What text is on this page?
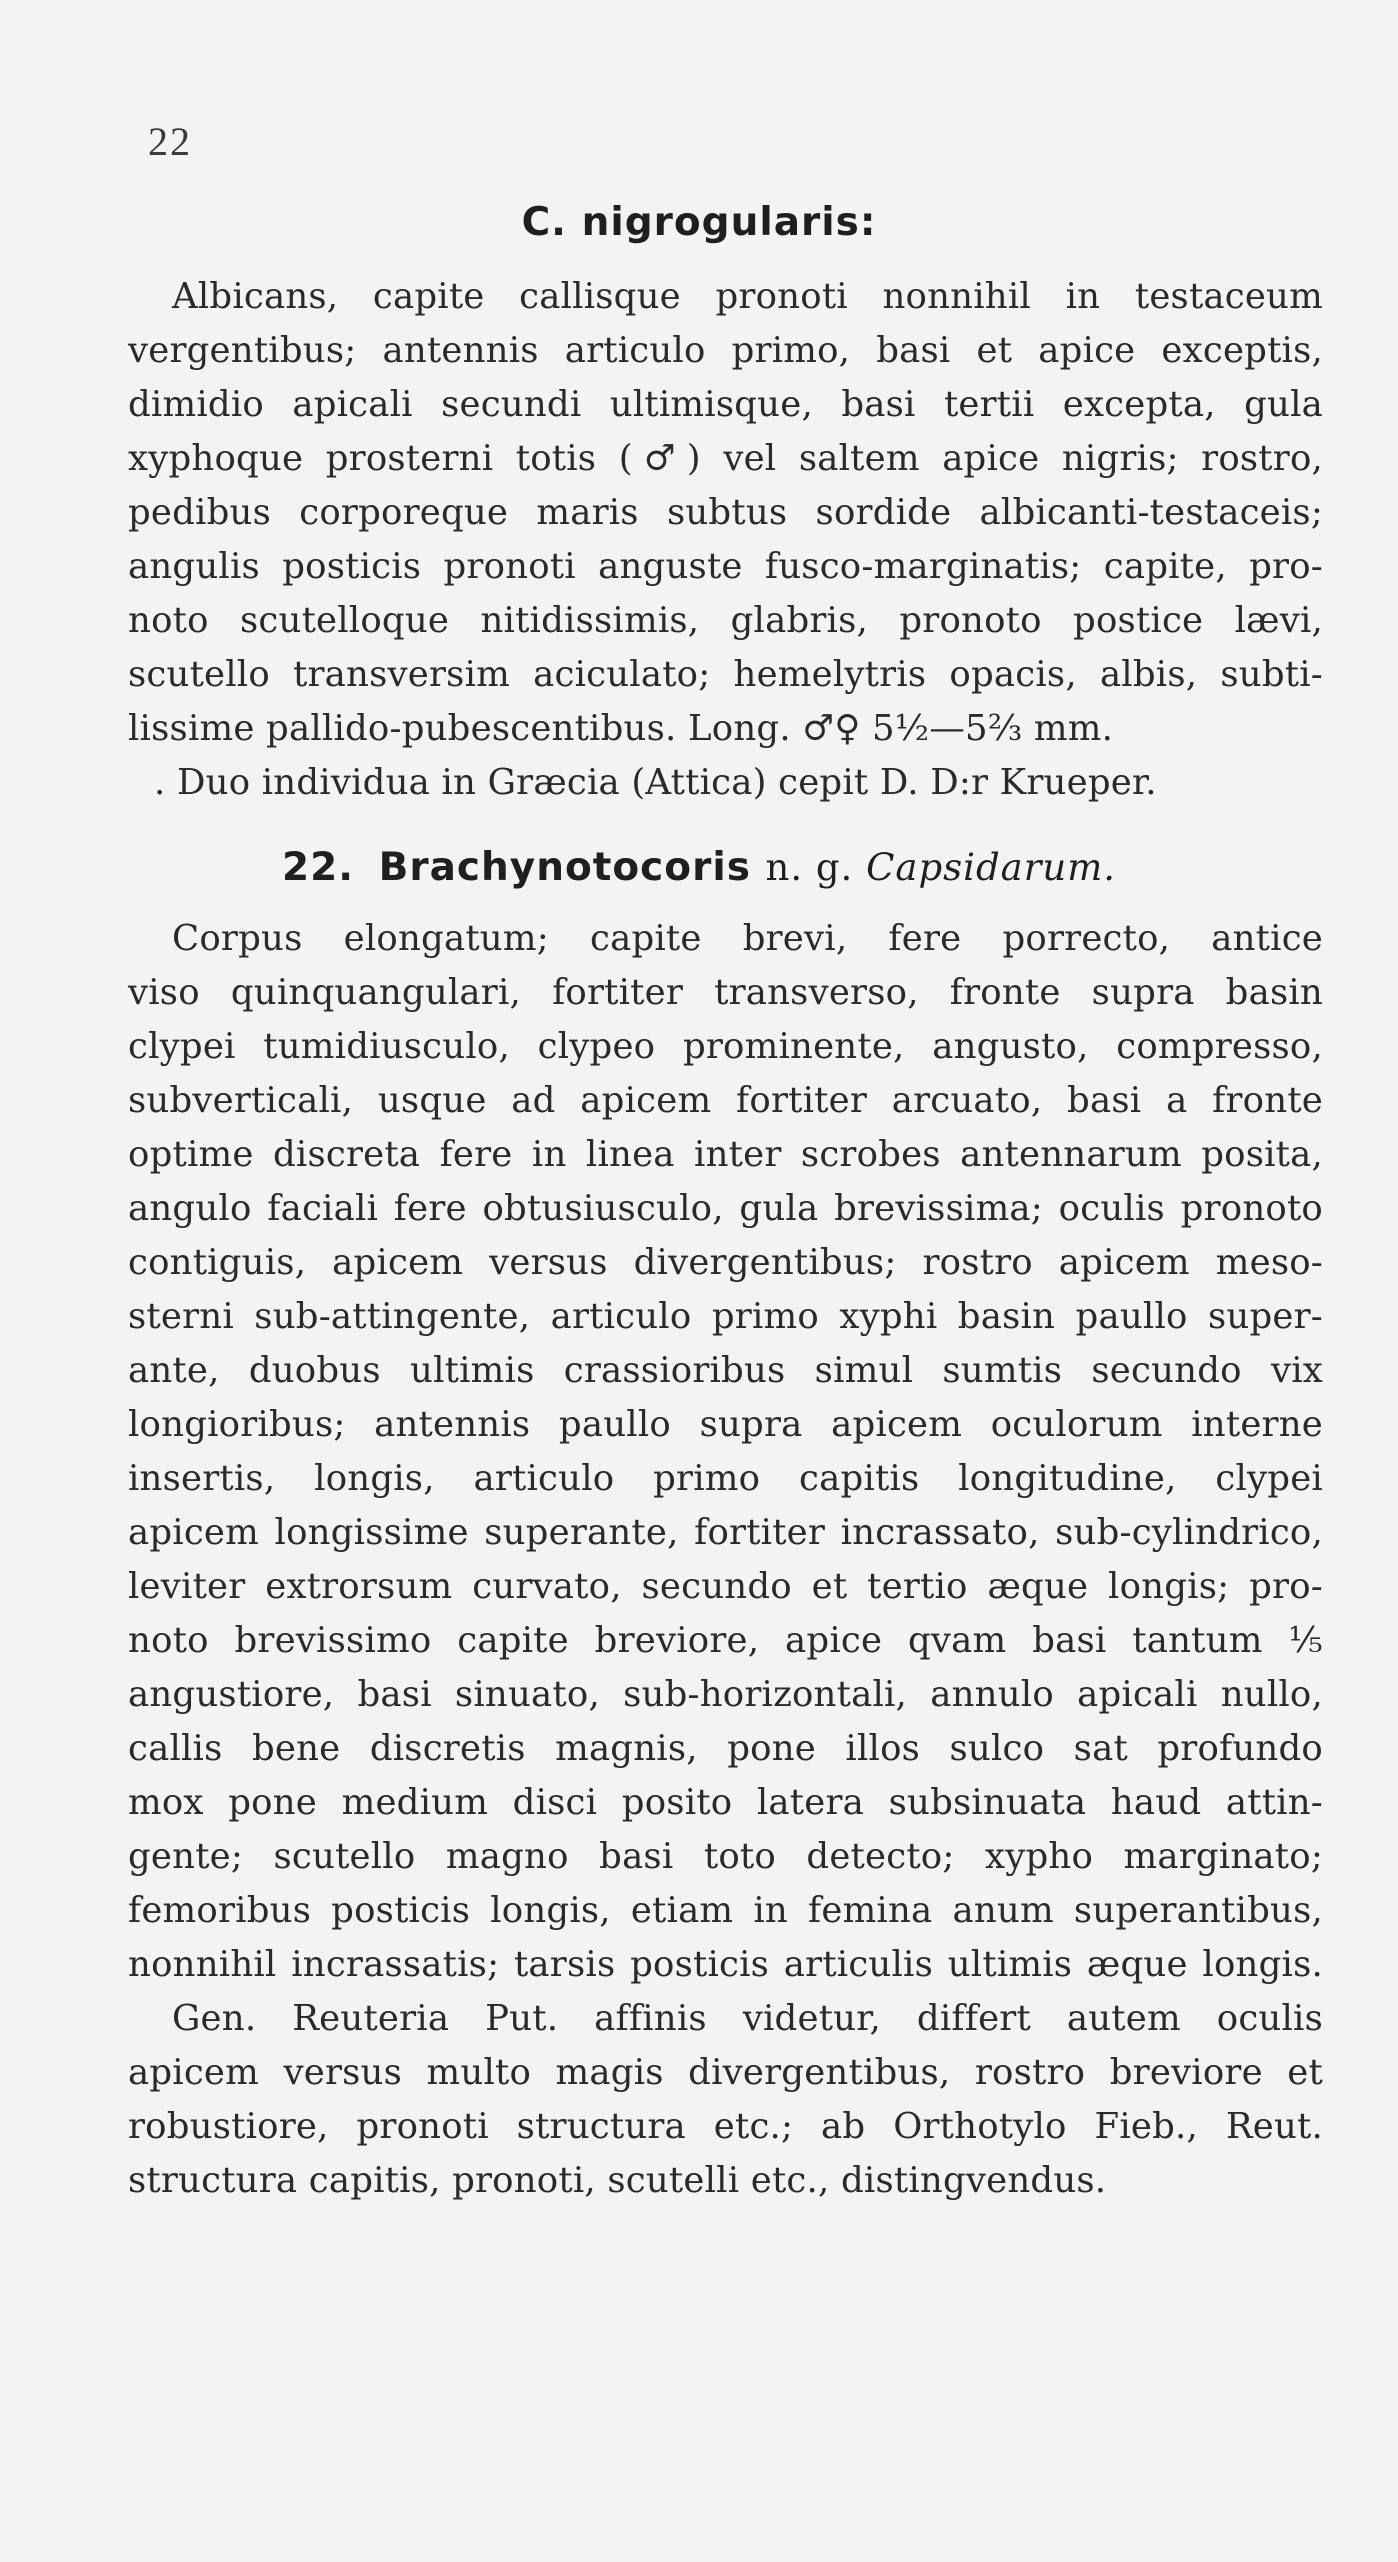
22
C. nigrogularis:
Albicans, capite callisque pronoti nonnihil in testaceum
vergentibus; antennis articulo primo, basi et apice exceptis,
dimidio apicali secundi ultimisque, basi tertii excepta, gula
xyphoque prosterni totis (♂) vel saltem apice nigris; rostro,
pedibus corporeque maris subtus sordide albicanti-testaceis;
angulis posticis pronoti anguste fusco-marginatis; capite, pro-
noto scutelloque nitidissimis, glabris, pronoto postice lævi,
scutello transversim aciculato; hemelytris opacis, albis, subti-
lissime pallido-pubescentibus. Long. ♂♀ 5½—5⅔ mm.
. Duo individua in Græcia (Attica) cepit D. D:r Krueper.
22. Brachynotocoris n. g. Capsidarum.
Corpus elongatum; capite brevi, fere porrecto, antice
viso quinquangulari, fortiter transverso, fronte supra basin
clypei tumidiusculo, clypeo prominente, angusto, compresso,
subverticali, usque ad apicem fortiter arcuato, basi a fronte
optime discreta fere in linea inter scrobes antennarum posita,
angulo faciali fere obtusiusculo, gula brevissima; oculis pronoto
contiguis, apicem versus divergentibus; rostro apicem meso-
sterni sub-attingente, articulo primo xyphi basin paullo super-
ante, duobus ultimis crassioribus simul sumtis secundo vix
longioribus; antennis paullo supra apicem oculorum interne
insertis, longis, articulo primo capitis longitudine, clypei
apicem longissime superante, fortiter incrassato, sub-cylindrico,
leviter extrorsum curvato, secundo et tertio æque longis; pro-
noto brevissimo capite breviore, apice qvam basi tantum ⅕
angustiore, basi sinuato, sub-horizontali, annulo apicali nullo,
callis bene discretis magnis, pone illos sulco sat profundo
mox pone medium disci posito latera subsinuata haud attin-
gente; scutello magno basi toto detecto; xypho marginato;
femoribus posticis longis, etiam in femina anum superantibus,
nonnihil incrassatis; tarsis posticis articulis ultimis æque longis.
Gen. Reuteria Put. affinis videtur, differt autem oculis
apicem versus multo magis divergentibus, rostro breviore et
robustiore, pronoti structura etc.; ab Orthotylo Fieb., Reut.
structura capitis, pronoti, scutelli etc., distingvendus.
